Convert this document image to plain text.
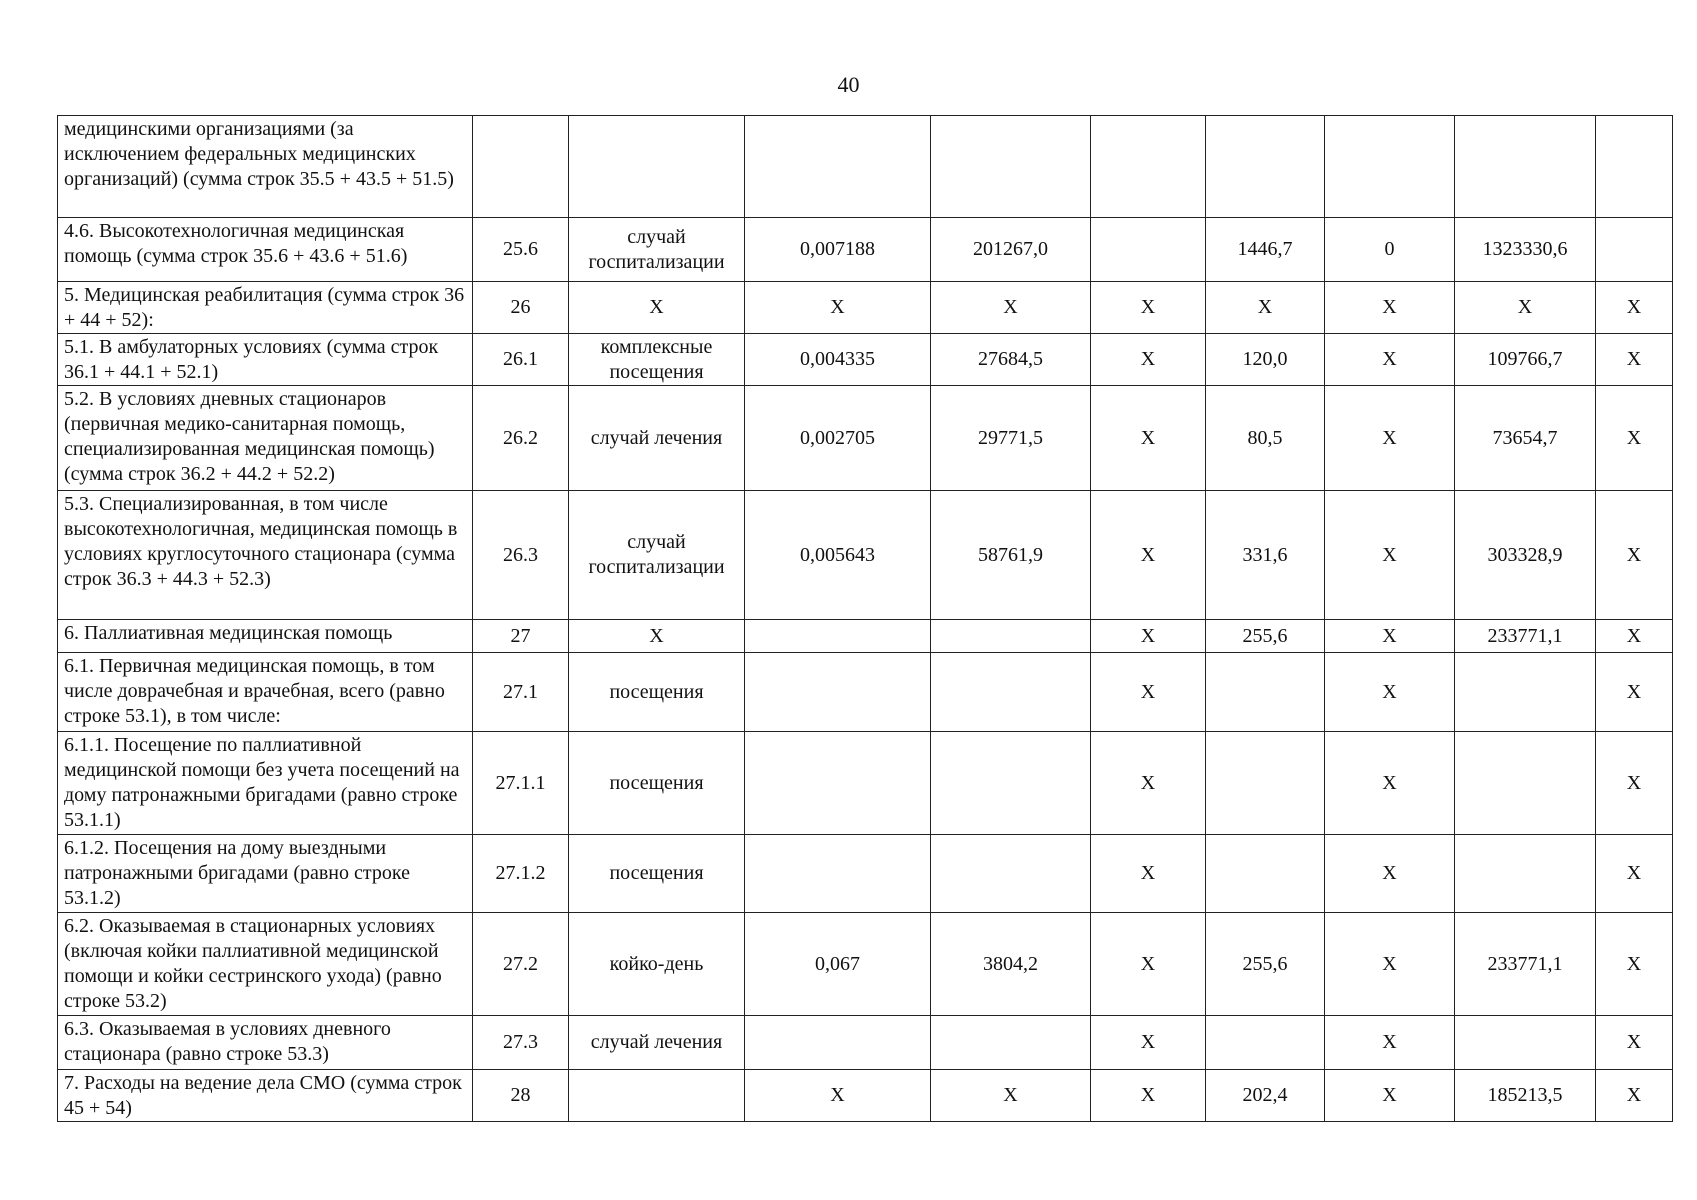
40
медицинскими организациями (за исключением федеральных медицинских организаций) (сумма строк 35.5 + 43.5 + 51.5)									
4.6. Высокотехнологичная медицинская помощь (сумма строк 35.6 + 43.6 + 51.6)	25.6	случай госпитализации	0,007188	201267,0		1446,7	0	1323330,6	
5. Медицинская реабилитация (сумма строк 36 + 44 + 52):	26	Х	Х	Х	Х	Х	Х	Х	Х
5.1. В амбулаторных условиях (сумма строк 36.1 + 44.1 + 52.1)	26.1	комплексные посещения	0,004335	27684,5	Х	120,0	Х	109766,7	Х
5.2. В условиях дневных стационаров (первичная медико-санитарная помощь, специализированная медицинская помощь) (сумма строк 36.2 + 44.2 + 52.2)	26.2	случай лечения	0,002705	29771,5	Х	80,5	Х	73654,7	Х
5.3. Специализированная, в том числе высокотехнологичная, медицинская помощь в условиях круглосуточного стационара (сумма строк 36.3 + 44.3 + 52.3)	26.3	случай госпитализации	0,005643	58761,9	Х	331,6	Х	303328,9	Х
6. Паллиативная медицинская помощь	27	Х			Х	255,6	Х	233771,1	Х
6.1. Первичная медицинская помощь, в том числе доврачебная и врачебная, всего (равно строке 53.1), в том числе:	27.1	посещения			Х		Х		Х
6.1.1. Посещение по паллиативной медицинской помощи без учета посещений на дому патронажными бригадами (равно строке 53.1.1)	27.1.1	посещения			Х		Х		Х
6.1.2. Посещения на дому выездными патронажными бригадами (равно строке 53.1.2)	27.1.2	посещения			Х		Х		Х
6.2. Оказываемая в стационарных условиях (включая койки паллиативной медицинской помощи и койки сестринского ухода) (равно строке 53.2)	27.2	койко-день	0,067	3804,2	Х	255,6	Х	233771,1	Х
6.3. Оказываемая в условиях дневного стационара (равно строке 53.3)	27.3	случай лечения			Х		Х		Х
7. Расходы на ведение дела СМО (сумма строк 45 + 54)	28		Х	Х	Х	202,4	Х	185213,5	Х
